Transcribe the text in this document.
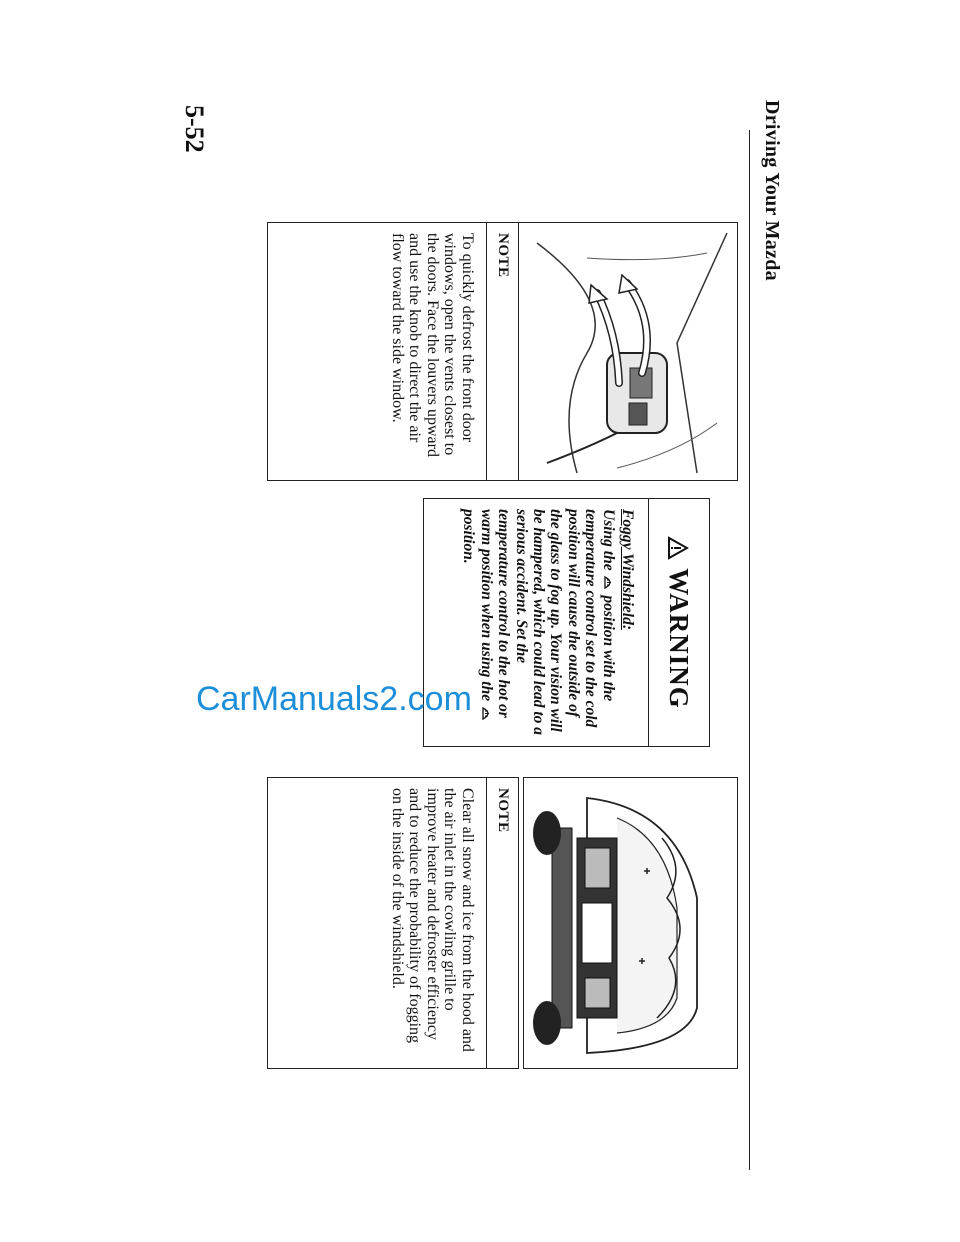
Driving Your Mazda
5-52
NOTE
To quickly defrost the front door windows, open the vents closest to the doors. Face the louvers upward and use the knob to direct the air flow toward the side window.
WARNING
Foggy Windshield:
Using the  position with the temperature control set to the cold position will cause the outside of the glass to fog up. Your vision will be hampered, which could lead to a serious accident. Set the temperature control to the hot or warm position when using the  position.
NOTE
Clear all snow and ice from the hood and the air inlet in the cowling grille to improve heater and defroster efficiency and to reduce the probability of fogging on the inside of the windshield.
CarManuals2.com
